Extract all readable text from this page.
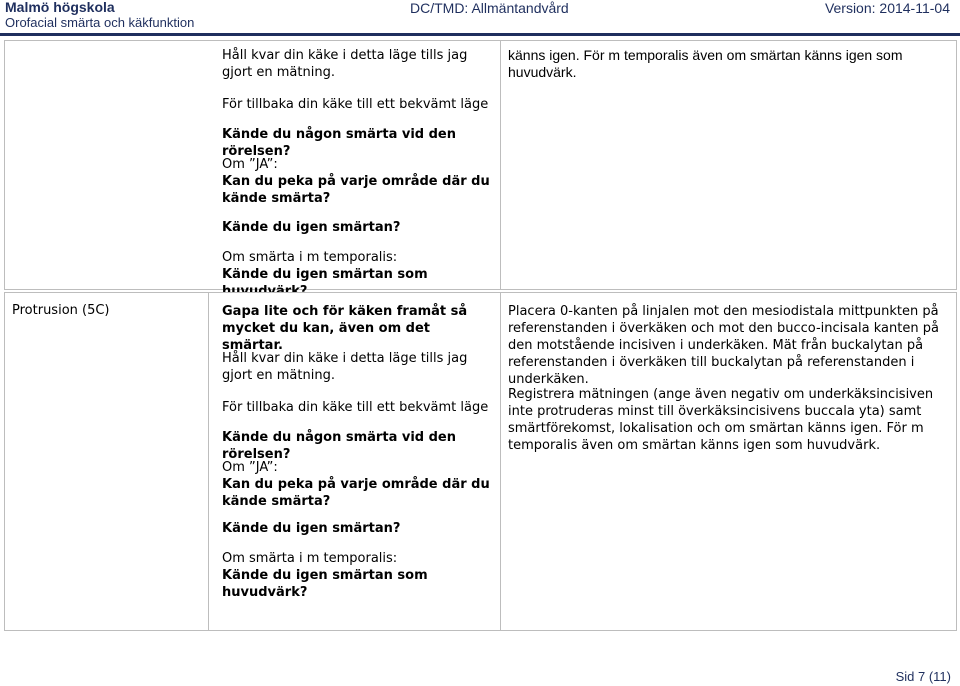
Malmö högskola
Orofacial smärta och käkfunktion
DC/TMD: Allmäntandvård	Version: 2014-11-04
Håll kvar din käke i detta läge tills jag gjort en mätning.
För tillbaka din käke till ett bekvämt läge
Kände du någon smärta vid den rörelsen?
Om ”JA”:
Kan du peka på varje område där du kände smärta?
Kände du igen smärtan?
Om smärta i m temporalis:
Kände du igen smärtan som
känns igen. För m temporalis även om smärtan känns igen som huvudvärk.
Protrusion (5C)	Gapa lite och för käken framåt så mycket du kan, även om det smärtar.
Håll kvar din käke i detta läge tills jag gjort en mätning.
För tillbaka din käke till ett bekvämt läge
Kände du någon smärta vid den rörelsen?
Om ”JA”:
Kan du peka på varje område där du kände smärta?
Kände du igen smärtan?
Om smärta i m temporalis:
Kände du igen smärtan som huvudvärk?
Placera 0-kanten på linjalen mot den mesiodistala mittpunkten på referenstanden i överkäken och mot den bucco-incisala kanten på den motstående incisiven i underkäken. Mät från buckalytan på referenstanden i överkäken till buckalytan på referenstanden i underkäken.
Registrera mätningen (ange även negativ om underkäksincisiven inte protruderas minst till överkäksincisivens buccala yta) samt smärtförekomst, lokalisation och om smärtan känns igen. För m temporalis även om smärtan känns igen som huvudvärk.
Sid 7 (11)
